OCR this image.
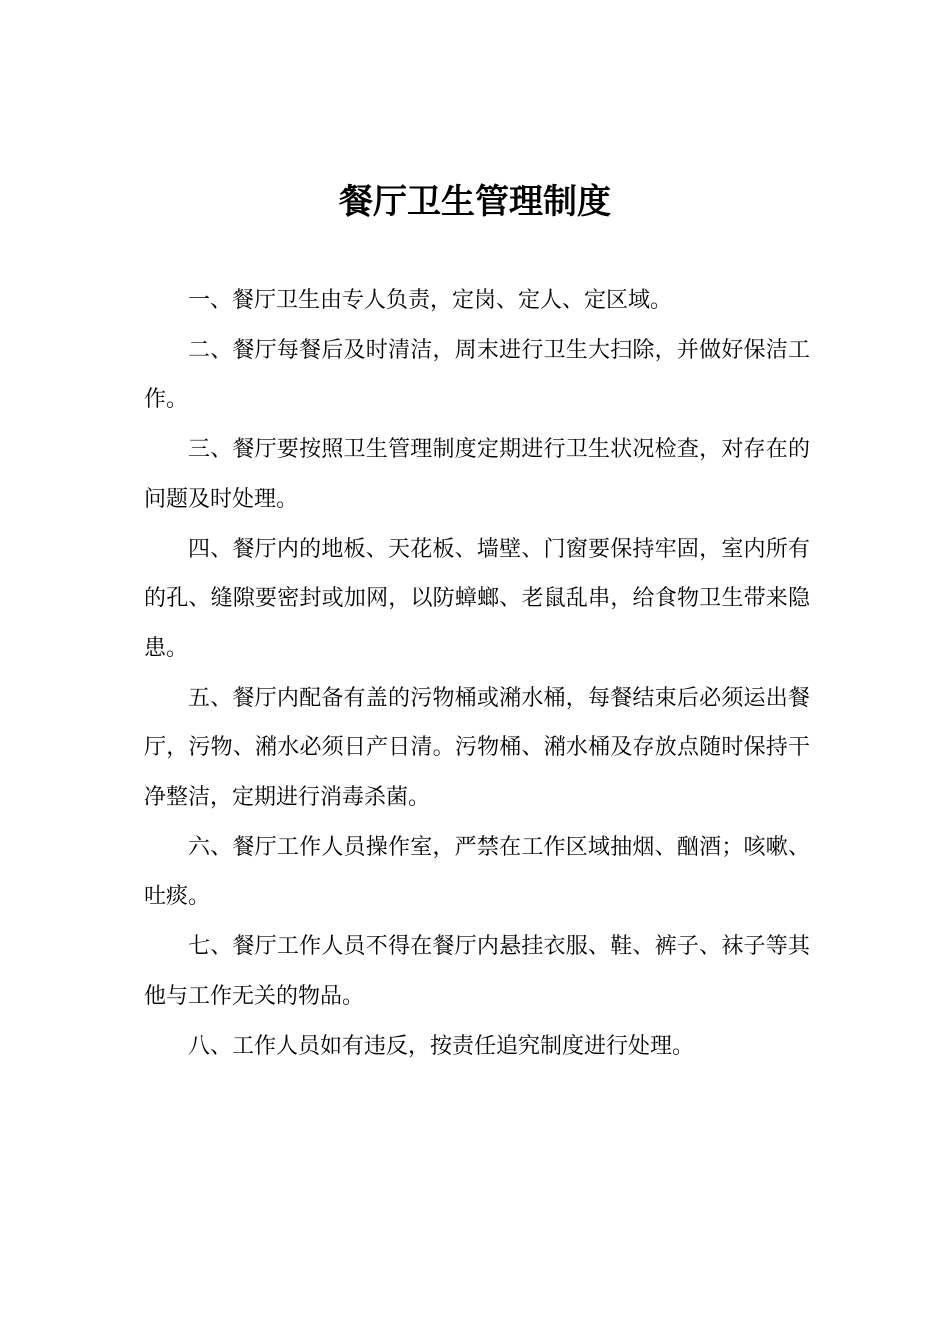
餐厅卫生管理制度

一、餐厅卫生由专人负责，定岗、定人、定区域。

二、餐厅每餐后及时清洁，周末进行卫生大扫除，并做好保洁工作。

三、餐厅要按照卫生管理制度定期进行卫生状况检查，对存在的问题及时处理。

四、餐厅内的地板、天花板、墙壁、门窗要保持牢固，室内所有的孔、缝隙要密封或加网，以防蟑螂、老鼠乱串，给食物卫生带来隐患。

五、餐厅内配备有盖的污物桶或潲水桶，每餐结束后必须运出餐厅，污物、潲水必须日产日清。污物桶、潲水桶及存放点随时保持干净整洁，定期进行消毒杀菌。

六、餐厅工作人员操作室，严禁在工作区域抽烟、酗酒；咳嗽、吐痰。

七、餐厅工作人员不得在餐厅内悬挂衣服、鞋、裤子、袜子等其他与工作无关的物品。

八、工作人员如有违反，按责任追究制度进行处理。
